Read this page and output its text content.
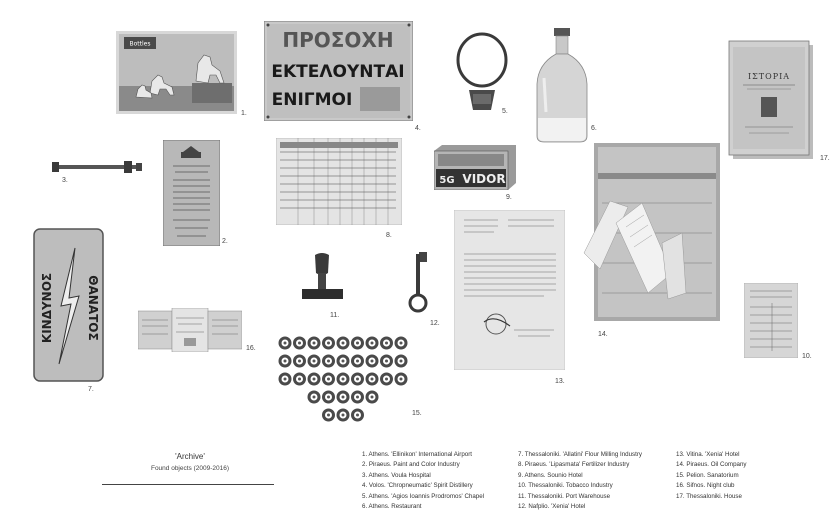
Bottles
1.
ΠΡΟΣΟΧΗ
ΕΚΤΕΛΟΥΝΤΑΙ
ΕΝΙΓΜΟΙ
4.
5.
6.
ΙΣΤΟΡΙΑ
17.
3.
2.
8.
VIDOR
5G
9.
ΚΙΝΔΥΝΟΣ	ΘΑΝΑΤΟΣ
7.
16.
11.
12.
13.
14.
10.
15.
'Archive'
Found objects (2009-2016)
1. Athens. 'Ellinikon' International Airport
2. Piraeus. Paint and Color Industry
3. Athens. Voula Hospital
4. Volos. 'Chropneumatic' Spirit Distillery
5. Athens. 'Agios Ioannis Prodromos' Chapel
6. Athens. Restaurant
7. Thessaloniki. 'Allatini' Flour Milling Industry
8. Piraeus. 'Lipasmata' Fertilizer Industry
9. Athens. Sounio Hotel
10. Thessaloniki. Tobacco Industry
11. Thessaloniki. Port Warehouse
12. Nafplio. 'Xenia' Hotel
13. Vitina. 'Xenia' Hotel
14. Piraeus. Oil Company
15. Pelion. Sanatorium
16. Sifnos. Night club
17. Thessaloniki. House
